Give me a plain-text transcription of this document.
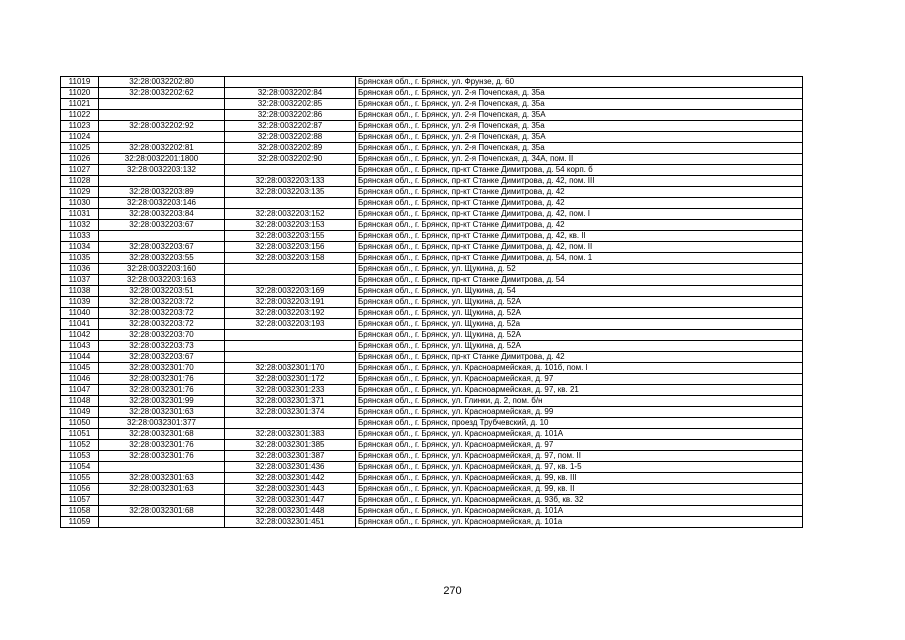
11019	32:28:0032202:80		Брянская обл., г. Брянск, ул. Фрунзе, д. 60
11020	32:28:0032202:62	32:28:0032202:84	Брянская обл., г. Брянск, ул. 2-я Почепская, д. 35а
11021		32:28:0032202:85	Брянская обл., г. Брянск, ул. 2-я Почепская, д. 35а
11022		32:28:0032202:86	Брянская обл., г. Брянск, ул. 2-я Почепская, д. 35А
11023	32:28:0032202:92	32:28:0032202:87	Брянская обл., г. Брянск, ул. 2-я Почепская, д. 35а
11024		32:28:0032202:88	Брянская обл., г. Брянск, ул. 2-я Почепская, д. 35А
11025	32:28:0032202:81	32:28:0032202:89	Брянская обл., г. Брянск, ул. 2-я Почепская, д. 35а
11026	32:28:0032201:1800	32:28:0032202:90	Брянская обл., г. Брянск, ул. 2-я Почепская, д. 34А, пом. II
11027	32:28:0032203:132		Брянская обл., г. Брянск, пр-кт Станке Димитрова, д. 54 корп. б
11028		32:28:0032203:133	Брянская обл., г. Брянск, пр-кт Станке Димитрова, д. 42, пом. III
11029	32:28:0032203:89	32:28:0032203:135	Брянская обл., г. Брянск, пр-кт Станке Димитрова, д. 42
11030	32:28:0032203:146		Брянская обл., г. Брянск, пр-кт Станке Димитрова, д. 42
11031	32:28:0032203:84	32:28:0032203:152	Брянская обл., г. Брянск, пр-кт Станке Димитрова, д. 42, пом. I
11032	32:28:0032203:67	32:28:0032203:153	Брянская обл., г. Брянск, пр-кт Станке Димитрова, д. 42
11033		32:28:0032203:155	Брянская обл., г. Брянск, пр-кт Станке Димитрова, д. 42, кв. II
11034	32:28:0032203:67	32:28:0032203:156	Брянская обл., г. Брянск, пр-кт Станке Димитрова, д. 42, пом. II
11035	32:28:0032203:55	32:28:0032203:158	Брянская обл., г. Брянск, пр-кт Станке Димитрова, д. 54, пом. 1
11036	32:28:0032203:160		Брянская обл., г. Брянск, ул. Щукина, д. 52
11037	32:28:0032203:163		Брянская обл., г. Брянск, пр-кт Станке Димитрова, д. 54
11038	32:28:0032203:51	32:28:0032203:169	Брянская обл., г. Брянск, ул. Щукина, д. 54
11039	32:28:0032203:72	32:28:0032203:191	Брянская обл., г. Брянск, ул. Щукина, д. 52А
11040	32:28:0032203:72	32:28:0032203:192	Брянская обл., г. Брянск, ул. Щукина, д. 52А
11041	32:28:0032203:72	32:28:0032203:193	Брянская обл., г. Брянск, ул. Щукина, д. 52а
11042	32:28:0032203:70		Брянская обл., г. Брянск, ул. Щукина, д. 52А
11043	32:28:0032203:73		Брянская обл., г. Брянск, ул. Щукина, д. 52А
11044	32:28:0032203:67		Брянская обл., г. Брянск, пр-кт Станке Димитрова, д. 42
11045	32:28:0032301:70	32:28:0032301:170	Брянская обл., г. Брянск, ул. Красноармейская, д. 101б, пом. I
11046	32:28:0032301:76	32:28:0032301:172	Брянская обл., г. Брянск, ул. Красноармейская, д. 97
11047	32:28:0032301:76	32:28:0032301:233	Брянская обл., г. Брянск, ул. Красноармейская, д. 97, кв. 21
11048	32:28:0032301:99	32:28:0032301:371	Брянская обл., г. Брянск, ул. Глинки, д. 2, пом. б/н
11049	32:28:0032301:63	32:28:0032301:374	Брянская обл., г. Брянск, ул. Красноармейская, д. 99
11050	32:28:0032301:377		Брянская обл., г. Брянск, проезд Трубчевский, д. 10
11051	32:28:0032301:68	32:28:0032301:383	Брянская обл., г. Брянск, ул. Красноармейская, д. 101А
11052	32:28:0032301:76	32:28:0032301:385	Брянская обл., г. Брянск, ул. Красноармейская, д. 97
11053	32:28:0032301:76	32:28:0032301:387	Брянская обл., г. Брянск, ул. Красноармейская, д. 97, пом. II
11054		32:28:0032301:436	Брянская обл., г. Брянск, ул. Красноармейская, д. 97, кв. 1-5
11055	32:28:0032301:63	32:28:0032301:442	Брянская обл., г. Брянск, ул. Красноармейская, д. 99, кв. III
11056	32:28:0032301:63	32:28:0032301:443	Брянская обл., г. Брянск, ул. Красноармейская, д. 99, кв. II
11057		32:28:0032301:447	Брянская обл., г. Брянск, ул. Красноармейская, д. 93б, кв. 32
11058	32:28:0032301:68	32:28:0032301:448	Брянская обл., г. Брянск, ул. Красноармейская, д. 101А
11059		32:28:0032301:451	Брянская обл., г. Брянск, ул. Красноармейская, д. 101а
270
